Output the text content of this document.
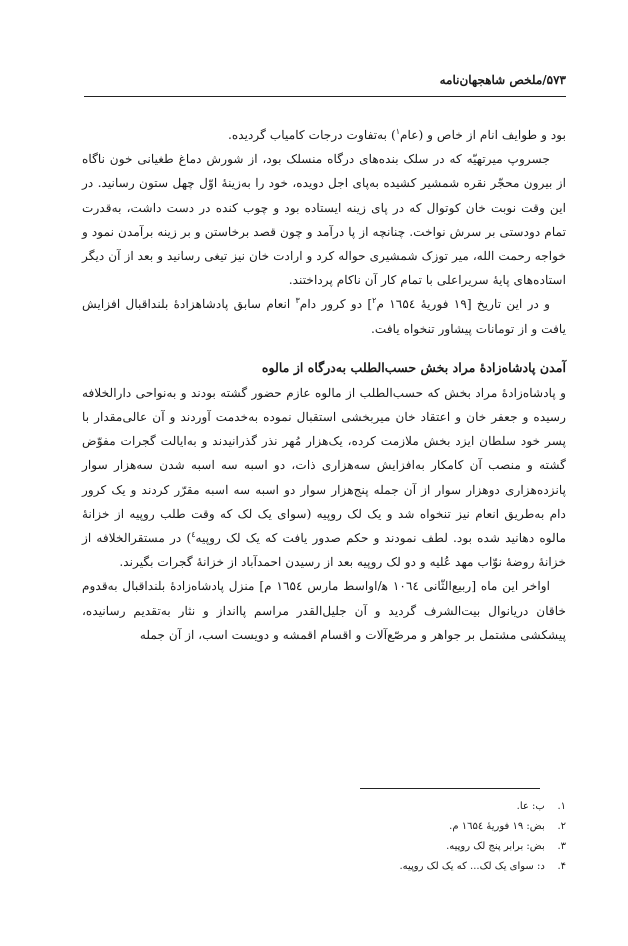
۵۷۳/ملخص شاهجهان‌نامه

بود و طوایف انام از خاص و (عام$^۱$) به‌تفاوت درجات کامیاب گردیده.

جسروپ میرتهیّه که در سلک بنده‌های درگاه منسلک بود، از شورش دماغ طغیانی خون ناگاه از بیرون محجّر نقره شمشیر کشیده به‌پای اجل دویده، خود را به‌زینهٔ اوّل چهل ستون رسانید. در این وقت نوبت خان کوتوال که در پای زینه ایستاده بود و چوب کنده در دست داشت، به‌قدرت تمام دودستی بر سرش نواخت. چنانچه از پا درآمد و چون قصد برخاستن و بر زینه برآمدن نمود و خواجه رحمت الله، میر توزک شمشیری حواله کرد و ارادت خان نیز تیغی رسانید و بعد از آن دیگر استاده‌های پایهٔ سریراعلی با تمام کار آن ناکام پرداختند.

و در این تاریخ [۱۹ فوریهٔ ۱٦۵٤ م$^۲$] دو کرور دام$^۳$ انعام سابق پادشاهزادهٔ بلنداقبال افزایش یافت و از تومانات پیشاور تنخواه یافت.

آمدن پادشاه‌زادهٔ مراد بخش حسب‌الطلب به‌درگاه از مالوه

و پادشاه‌زادهٔ مراد بخش که حسب‌الطلب از مالوه عازم حضور گشته بودند و به‌نواحی دارالخلافه رسیده و جعفر خان و اعتقاد خان میربخشی استقبال نموده به‌خدمت آوردند و آن عالی‌مقدار با پسر خود سلطان ایزد بخش ملازمت کرده، یک‌هزار مُهر نذر گذرانیدند و به‌ایالت گجرات مفوّض گشته و منصب آن کامکار به‌افزایش سه‌هزاری ذات، دو اسبه سه اسبه شدن سه‌هزار سوار پانزده‌هزاری دوهزار سوار از آن جمله پنج‌هزار سوار دو اسبه سه اسبه مقرّر کردند و یک کرور دام به‌طریق انعام نیز تنخواه شد و یک لک روپیه (سوای یک لک که وقت طلب روپیه از خزانهٔ مالوه دهانید شده بود. لطف نمودند و حکم صدور یافت که یک لک روپیه$^٤$) در مستقرالخلافه از خزانهٔ روضهٔ نوّاب مهد عُلیه و دو لک روپیه بعد از رسیدن احمدآباد از خزانهٔ گجرات بگیرند.

اواخر این ماه [ربیع‌الثّانی ۱۰٦٤ ﻫ/اواسط مارس ۱٦۵٤ م] منزل پادشاه‌زادهٔ بلنداقبال به‌قدوم خاقان دریانوال بیت‌الشرف گردید و آن جلیل‌القدر مراسم پاانداز و نثار به‌تقدیم رسانیده، پیشکشی مشتمل بر جواهر و مرصّع‌آلات و اقسام اقمشه و دویست اسب، از آن جمله

۱. ب: عا.
۲. بض: ۱۹ فوریهٔ ۱٦۵٤ م.
۳. بض: برابر پنج لک روپیه.
۴. د: سوای یک لک... که یک لک روپیه.
